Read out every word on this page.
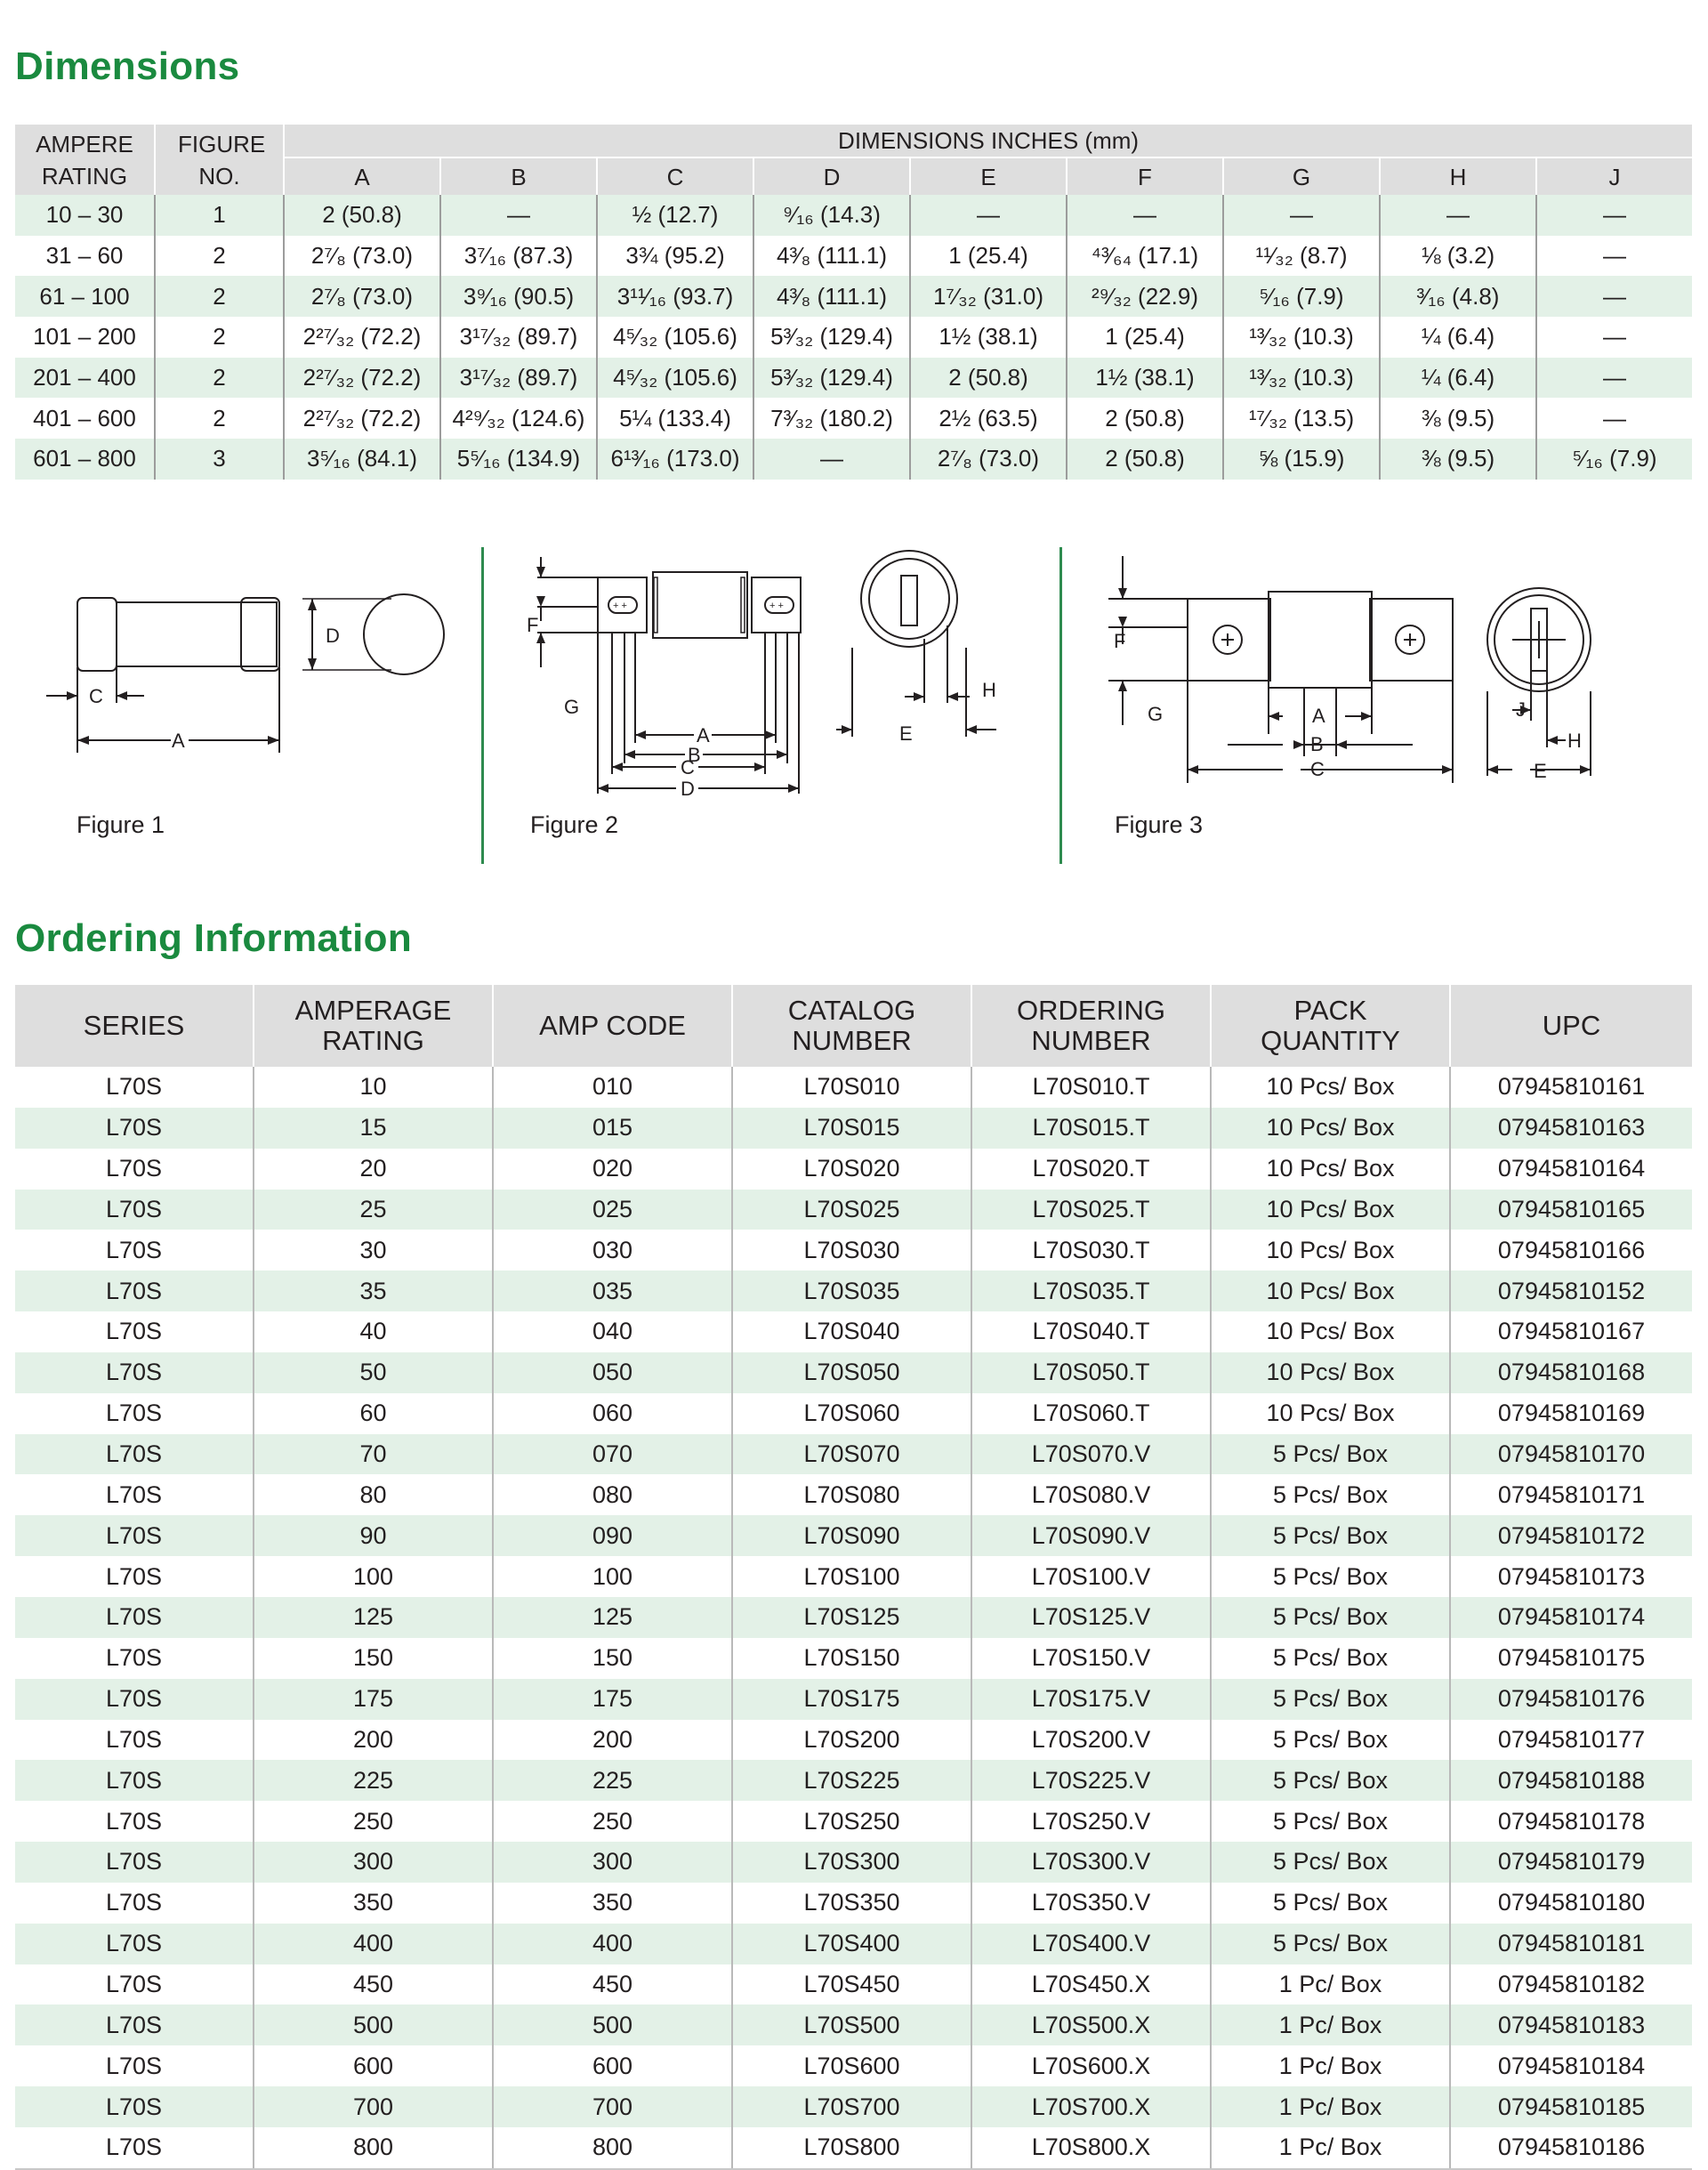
Dimensions
AMPERE RATING	FIGURE NO.	DIMENSIONS INCHES (mm)								
		A	B	C	D	E	F	G	H	J
10 – 30	1	2 (50.8)	—	½ (12.7)	⁹⁄₁₆ (14.3)	—	—	—	—	—
31 – 60	2	2⁷⁄₈ (73.0)	3⁷⁄₁₆ (87.3)	3¾ (95.2)	4³⁄₈ (111.1)	1 (25.4)	⁴³⁄₆₄ (17.1)	¹¹⁄₃₂ (8.7)	⅛ (3.2)	—
61 – 100	2	2⁷⁄₈ (73.0)	3⁹⁄₁₆ (90.5)	3¹¹⁄₁₆ (93.7)	4³⁄₈ (111.1)	1⁷⁄₃₂ (31.0)	²⁹⁄₃₂ (22.9)	⁵⁄₁₆ (7.9)	³⁄₁₆ (4.8)	—
101 – 200	2	2²⁷⁄₃₂ (72.2)	3¹⁷⁄₃₂ (89.7)	4⁵⁄₃₂ (105.6)	5³⁄₃₂ (129.4)	1½ (38.1)	1 (25.4)	¹³⁄₃₂ (10.3)	¼ (6.4)	—
201 – 400	2	2²⁷⁄₃₂ (72.2)	3¹⁷⁄₃₂ (89.7)	4⁵⁄₃₂ (105.6)	5³⁄₃₂ (129.4)	2 (50.8)	1½ (38.1)	¹³⁄₃₂ (10.3)	¼ (6.4)	—
401 – 600	2	2²⁷⁄₃₂ (72.2)	4²⁹⁄₃₂ (124.6)	5¼ (133.4)	7³⁄₃₂ (180.2)	2½ (63.5)	2 (50.8)	¹⁷⁄₃₂ (13.5)	⅜ (9.5)	—
601 – 800	3	3⁵⁄₁₆ (84.1)	5⁵⁄₁₆ (134.9)	6¹³⁄₁₆ (173.0)	—	2⁷⁄₈ (73.0)	2 (50.8)	⅝ (15.9)	⅜ (9.5)	⁵⁄₁₆ (7.9)
D
C
A
Figure 1
+ +	+ +
F
G
A
B
C
D
E
H
Figure 2
F
G	A
B
C
J
H
E
Figure 3
Ordering Information
SERIES	AMPERAGE RATING	AMP CODE	CATALOG NUMBER	ORDERING NUMBER	PACK QUANTITY	UPC
L70S	10	010	L70S010	L70S010.T	10 Pcs/ Box	07945810161
L70S	15	015	L70S015	L70S015.T	10 Pcs/ Box	07945810163
L70S	20	020	L70S020	L70S020.T	10 Pcs/ Box	07945810164
L70S	25	025	L70S025	L70S025.T	10 Pcs/ Box	07945810165
L70S	30	030	L70S030	L70S030.T	10 Pcs/ Box	07945810166
L70S	35	035	L70S035	L70S035.T	10 Pcs/ Box	07945810152
L70S	40	040	L70S040	L70S040.T	10 Pcs/ Box	07945810167
L70S	50	050	L70S050	L70S050.T	10 Pcs/ Box	07945810168
L70S	60	060	L70S060	L70S060.T	10 Pcs/ Box	07945810169
L70S	70	070	L70S070	L70S070.V	5 Pcs/ Box	07945810170
L70S	80	080	L70S080	L70S080.V	5 Pcs/ Box	07945810171
L70S	90	090	L70S090	L70S090.V	5 Pcs/ Box	07945810172
L70S	100	100	L70S100	L70S100.V	5 Pcs/ Box	07945810173
L70S	125	125	L70S125	L70S125.V	5 Pcs/ Box	07945810174
L70S	150	150	L70S150	L70S150.V	5 Pcs/ Box	07945810175
L70S	175	175	L70S175	L70S175.V	5 Pcs/ Box	07945810176
L70S	200	200	L70S200	L70S200.V	5 Pcs/ Box	07945810177
L70S	225	225	L70S225	L70S225.V	5 Pcs/ Box	07945810188
L70S	250	250	L70S250	L70S250.V	5 Pcs/ Box	07945810178
L70S	300	300	L70S300	L70S300.V	5 Pcs/ Box	07945810179
L70S	350	350	L70S350	L70S350.V	5 Pcs/ Box	07945810180
L70S	400	400	L70S400	L70S400.V	5 Pcs/ Box	07945810181
L70S	450	450	L70S450	L70S450.X	1 Pc/ Box	07945810182
L70S	500	500	L70S500	L70S500.X	1 Pc/ Box	07945810183
L70S	600	600	L70S600	L70S600.X	1 Pc/ Box	07945810184
L70S	700	700	L70S700	L70S700.X	1 Pc/ Box	07945810185
L70S	800	800	L70S800	L70S800.X	1 Pc/ Box	07945810186
